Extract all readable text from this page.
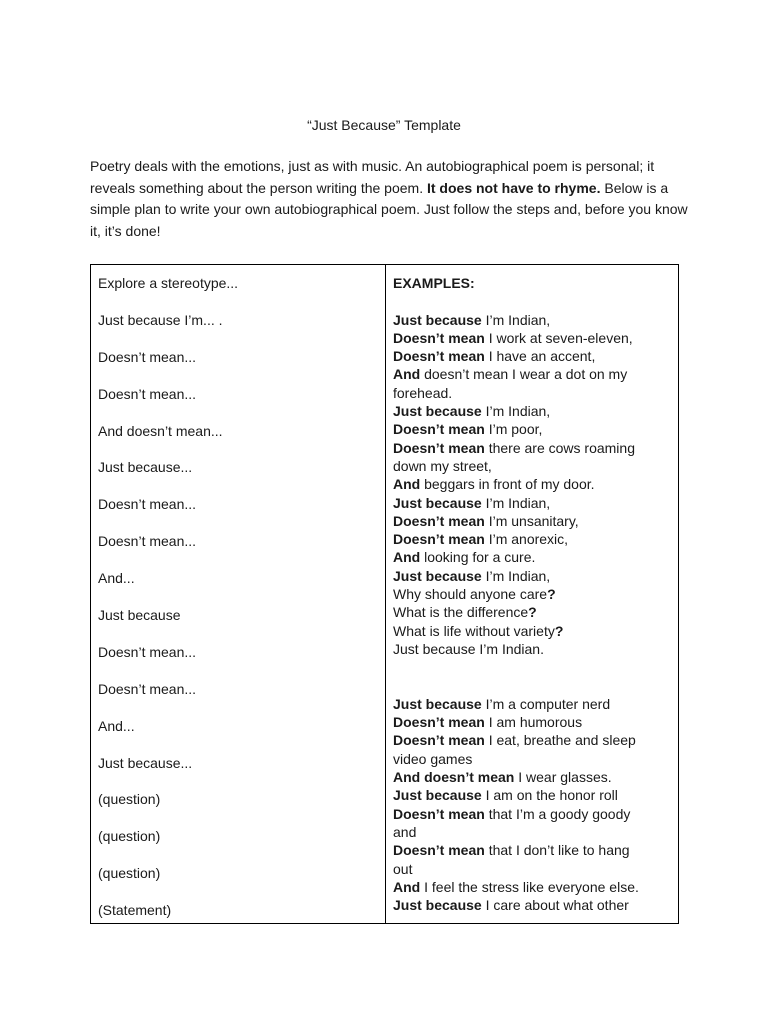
“Just Because” Template

Poetry deals with the emotions, just as with music. An autobiographical poem is personal; it reveals something about the person writing the poem. It does not have to rhyme. Below is a simple plan to write your own autobiographical poem. Just follow the steps and, before you know it, it’s done!

Explore a stereotype...
Just because I’m... .
Doesn’t mean...
Doesn’t mean...
And doesn’t mean...
Just because...
Doesn’t mean...
Doesn’t mean...
And...
Just because
Doesn’t mean...
Doesn’t mean...
And...
Just because...
(question)
(question)
(question)
(Statement)
EXAMPLES:
Just because I’m Indian,
Doesn’t mean I work at seven-eleven,
Doesn’t mean I have an accent,
And doesn’t mean I wear a dot on my
forehead.
Just because I’m Indian,
Doesn’t mean I’m poor,
Doesn’t mean there are cows roaming
down my street,
And beggars in front of my door.
Just because I’m Indian,
Doesn’t mean I’m unsanitary,
Doesn’t mean I’m anorexic,
And looking for a cure.
Just because I’m Indian,
Why should anyone care?
What is the difference?
What is life without variety?
Just because I’m Indian.
Just because I’m a computer nerd
Doesn’t mean I am humorous
Doesn’t mean I eat, breathe and sleep
video games
And doesn’t mean I wear glasses.
Just because I am on the honor roll
Doesn’t mean that I’m a goody goody
and
Doesn’t mean that I don’t like to hang
out
And I feel the stress like everyone else.
Just because I care about what other
